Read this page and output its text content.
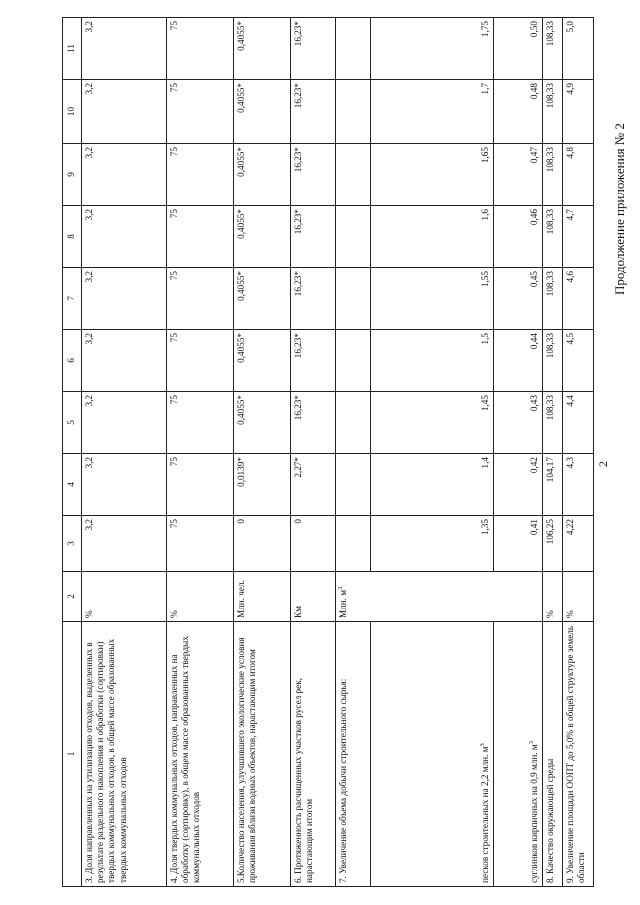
2
Продолжение приложения № 2
1	2	3	4	5	6	7	8	9	10	11
3. Доля направленных на утилизацию отходов, выделенных в результате раздельного накопления и обработки (сортировки) твердых коммунальных отходов, в общей массе образованных твердых коммунальных отходов	%	3,2	3,2	3,2	3,2	3,2	3,2	3,2	3,2	3,2
4. Доля твердых коммунальных отходов, направленных на обработку (сортировку), в общем массе образованных твердых коммунальных отходов	%	75	75	75	75	75	75	75	75	75
5.Количество населения, улучшившего экологические условия проживания вблизи водных объектов, нарастающим итогом	Млн. чел.	0	0,0139*	0,4055*	0,4055*	0,4055*	0,4055*	0,4055*	0,4055*	0,4055*
6. Протяженность расчищенных участков русел рек, нарастающим итогом	Км	0	2,27*	16,23*	16,23*	16,23*	16,23*	16,23*	16,23*	16,23*
7. Увеличение объема добычи строительного сырья:	Млн. $м^3$									
песков строительных на 2,2 млн. $м^3$		1,35	1,4	1,45	1,5	1,55	1,6	1,65	1,7	1,75
суглинков кирпичных на 0,9 млн. $м^3$		0,41	0,42	0,43	0,44	0,45	0,46	0,47	0,48	0,50
8. Качество окружающей среды	%	106,25	104,17	108,33	108,33	108,33	108,33	108,33	108,33	108,33
9. Увеличение площади ООПТ до 5,0% в общей структуре земель области	%	4,22	4,3	4,4	4,5	4,6	4,7	4,8	4,9	5,0
